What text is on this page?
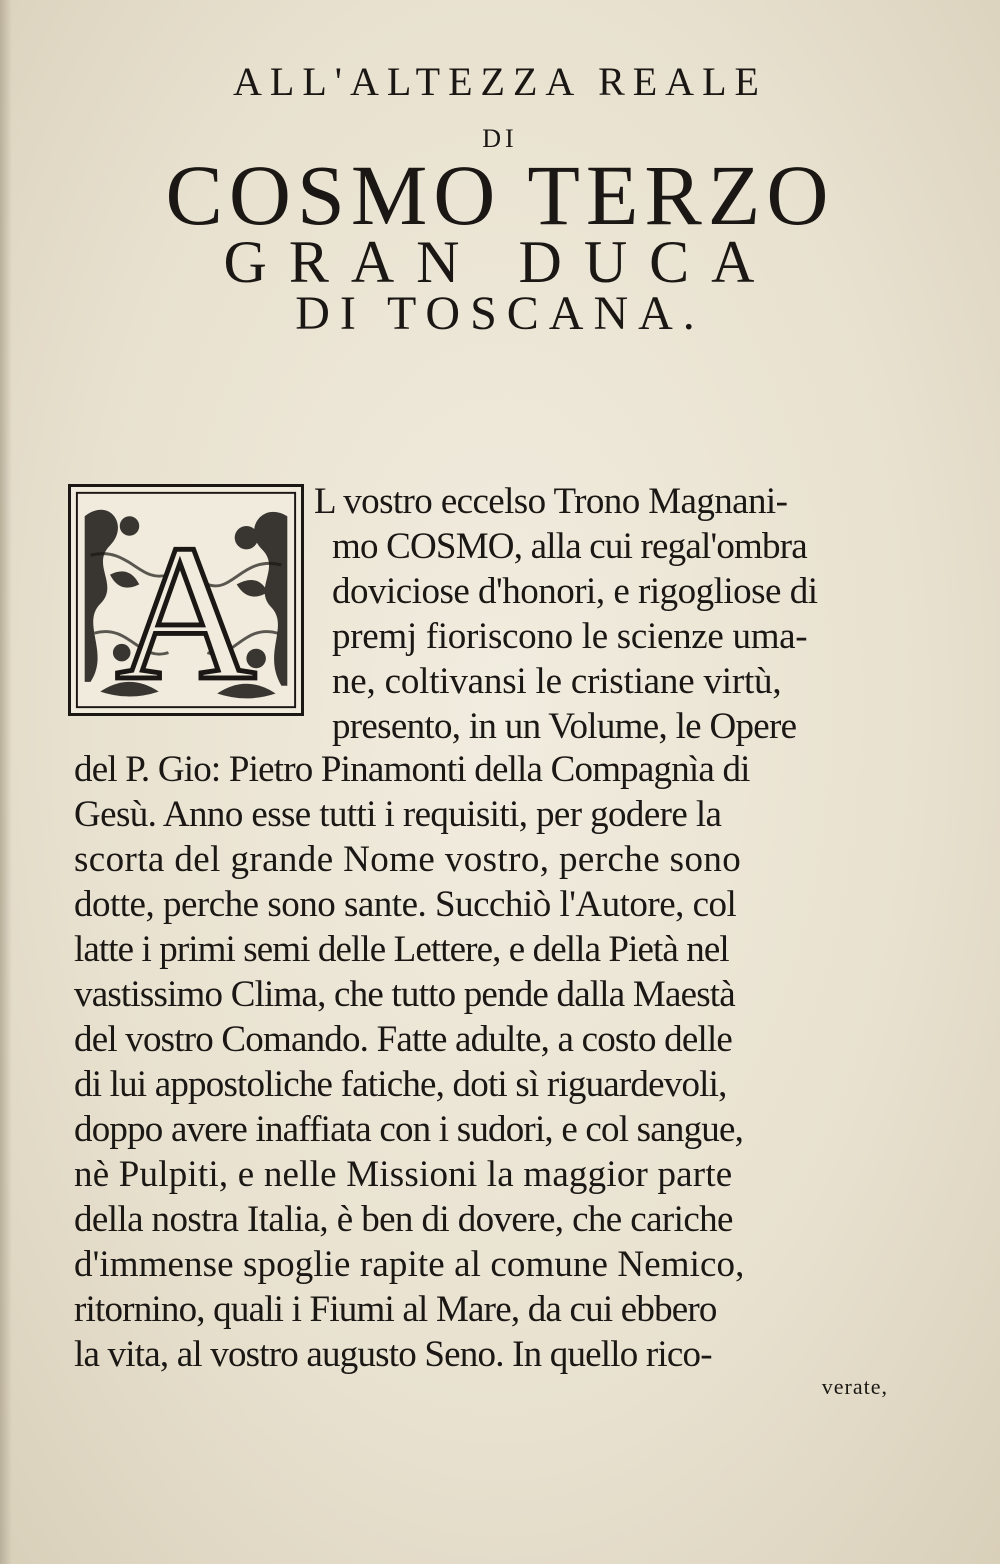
ALL'ALTEZZA REALE
DI
COSMO TERZO
GRAN DUCA
DI TOSCANA.
A
L vostro eccelso Trono Magnani-
mo COSMO, alla cui regal'ombra
doviciose d'honori, e rigogliose di
premj fioriscono le scienze uma-
ne, coltivansi le cristiane virtù,
presento, in un Volume, le Opere
del P. Gio: Pietro Pinamonti della Compagnìa di
Gesù. Anno esse tutti i requisiti, per godere la
scorta del grande Nome vostro, perche sono
dotte, perche sono sante. Succhiò l'Autore, col
latte i primi semi delle Lettere, e della Pietà nel
vastissimo Clima, che tutto pende dalla Maestà
del vostro Comando. Fatte adulte, a costo delle
di lui appostoliche fatiche, doti sì riguardevoli,
doppo avere inaffiata con i sudori, e col sangue,
nè Pulpiti, e nelle Missioni la maggior parte
della nostra Italia, è ben di dovere, che cariche
d'immense spoglie rapite al comune Nemico,
ritornino, quali i Fiumi al Mare, da cui ebbero
la vita, al vostro augusto Seno. In quello rico-
verate,
